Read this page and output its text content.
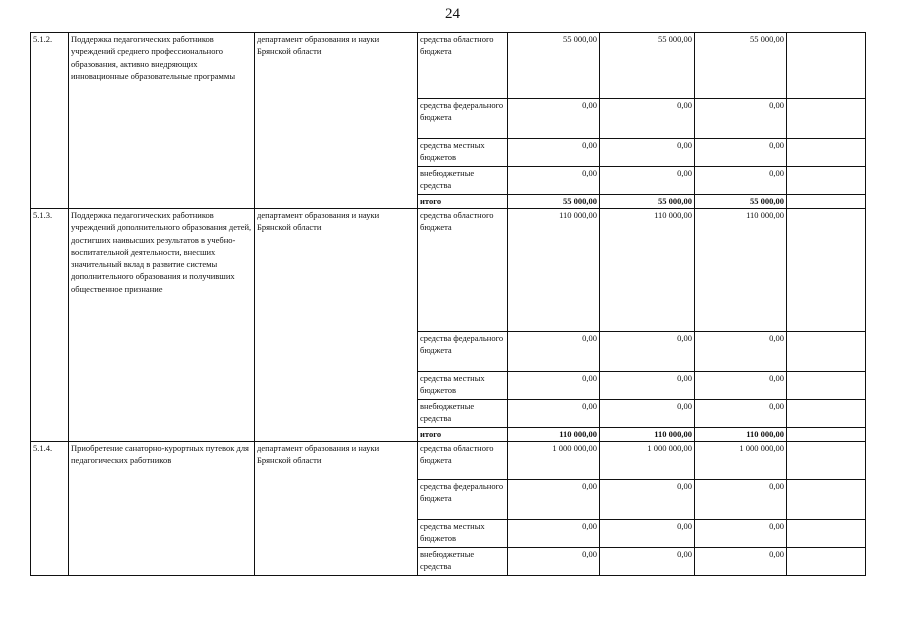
24
5.1.2.	Поддержка педагогических работников учреждений среднего профессионального образования, активно внедряющих инновационные образовательные программы	департамент образования и науки Брянской области	средства областного бюджета	55 000,00	55 000,00	55 000,00	
			средства федерального бюджета	0,00	0,00	0,00	
			средства местных бюджетов	0,00	0,00	0,00	
			внебюджетные средства	0,00	0,00	0,00	
			итого	55 000,00	55 000,00	55 000,00	
5.1.3.	Поддержка педагогических работников учреждений дополнительного образования детей, достигших наивысших результатов в учебно-воспитательной деятельности, внесших значительный вклад в развитие системы дополнительного образования и получивших общественное признание	департамент образования и науки Брянской области	средства областного бюджета	110 000,00	110 000,00	110 000,00	
			средства федерального бюджета	0,00	0,00	0,00	
			средства местных бюджетов	0,00	0,00	0,00	
			внебюджетные средства	0,00	0,00	0,00	
			итого	110 000,00	110 000,00	110 000,00	
5.1.4.	Приобретение санаторно-курортных путевок для педагогических работников	департамент образования и науки Брянской области	средства областного бюджета	1 000 000,00	1 000 000,00	1 000 000,00	
			средства федерального бюджета	0,00	0,00	0,00	
			средства местных бюджетов	0,00	0,00	0,00	
			внебюджетные средства	0,00	0,00	0,00	
